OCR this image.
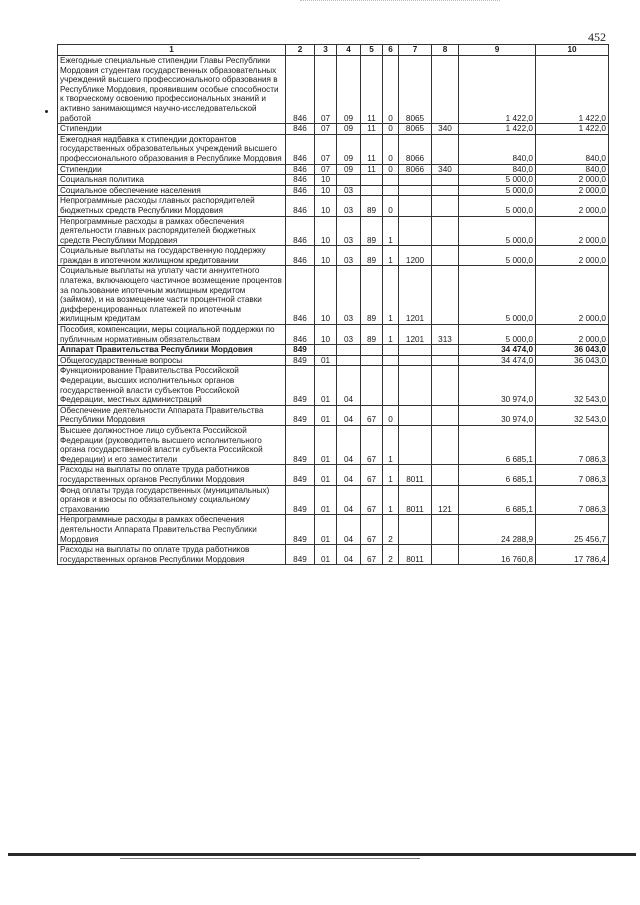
452
1	2	3	4	5	6	7	8	9	10
Ежегодные специальные стипендии Главы Республики Мордовия студентам государственных образовательных учреждений высшего профессионального образования в Республике Мордовия, проявившим особые способности к творческому освоению профессиональных знаний и активно занимающимся научно-исследовательской работой	846	07	09	11	0	8065		1 422,0	1 422,0
Стипендии	846	07	09	11	0	8065	340	1 422,0	1 422,0
Ежегодная надбавка к стипендии докторантов государственных образовательных учреждений высшего профессионального образования в Республике Мордовия	846	07	09	11	0	8066		840,0	840,0
Стипендии	846	07	09	11	0	8066	340	840,0	840,0
Социальная политика	846	10						5 000,0	2 000,0
Социальное обеспечение населения	846	10	03					5 000,0	2 000,0
Непрограммные расходы главных распорядителей бюджетных средств Республики Мордовия	846	10	03	89	0			5 000,0	2 000,0
Непрограммные расходы в рамках обеспечения деятельности главных распорядителей бюджетных средств Республики Мордовия	846	10	03	89	1			5 000,0	2 000,0
Социальные выплаты на государственную поддержку граждан в ипотечном жилищном кредитовании	846	10	03	89	1	1200		5 000,0	2 000,0
Социальные выплаты на уплату части аннуитетного платежа, включающего частичное возмещение процентов за пользование ипотечным жилищным кредитом (займом), и на возмещение части процентной ставки дифференцированных платежей по ипотечным жилищным кредитам	846	10	03	89	1	1201		5 000,0	2 000,0
Пособия, компенсации, меры социальной поддержки по публичным нормативным обязательствам	846	10	03	89	1	1201	313	5 000,0	2 000,0
Аппарат Правительства Республики Мордовия	849							34 474,0	36 043,0
Общегосударственные вопросы	849	01						34 474,0	36 043,0
Функционирование Правительства Российской Федерации, высших исполнительных органов государственной власти субъектов Российской Федерации, местных администраций	849	01	04					30 974,0	32 543,0
Обеспечение деятельности Аппарата Правительства Республики Мордовия	849	01	04	67	0			30 974,0	32 543,0
Высшее должностное лицо субъекта Российской Федерации (руководитель высшего исполнительного органа государственной власти субъекта Российской Федерации) и его заместители	849	01	04	67	1			6 685,1	7 086,3
Расходы на выплаты по оплате труда работников государственных органов Республики Мордовия	849	01	04	67	1	8011		6 685,1	7 086,3
Фонд оплаты труда государственных (муниципальных) органов и взносы по обязательному социальному страхованию	849	01	04	67	1	8011	121	6 685,1	7 086,3
Непрограммные расходы в рамках обеспечения деятельности Аппарата Правительства Республики Мордовия	849	01	04	67	2			24 288,9	25 456,7
Расходы на выплаты по оплате труда работников государственных органов Республики Мордовия	849	01	04	67	2	8011		16 760,8	17 786,4
